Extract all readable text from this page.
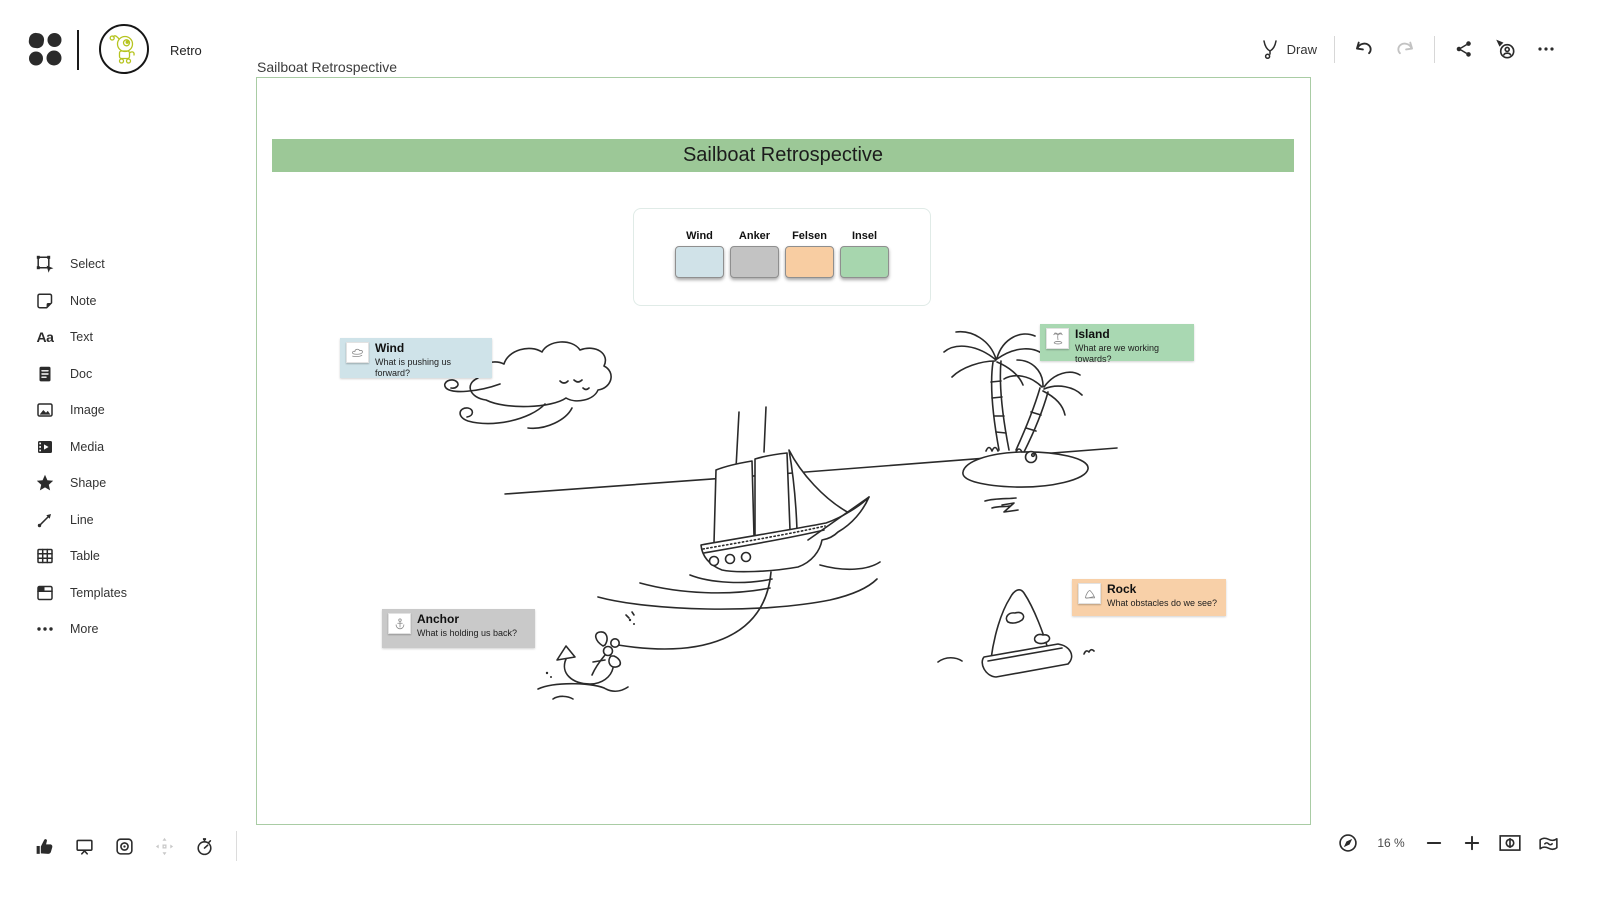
Retro	Draw
Select
Note
Aa Text
Doc
Image
Media
Shape
Line
Table
Templates
More
16 %
Sailboat Retrospective
Sailboat Retrospective
Wind Anker Felsen Insel
Wind
What is pushing us forward?
Island
What are we working towards?
Anchor
What is holding us back?
Rock
What obstacles do we see?
